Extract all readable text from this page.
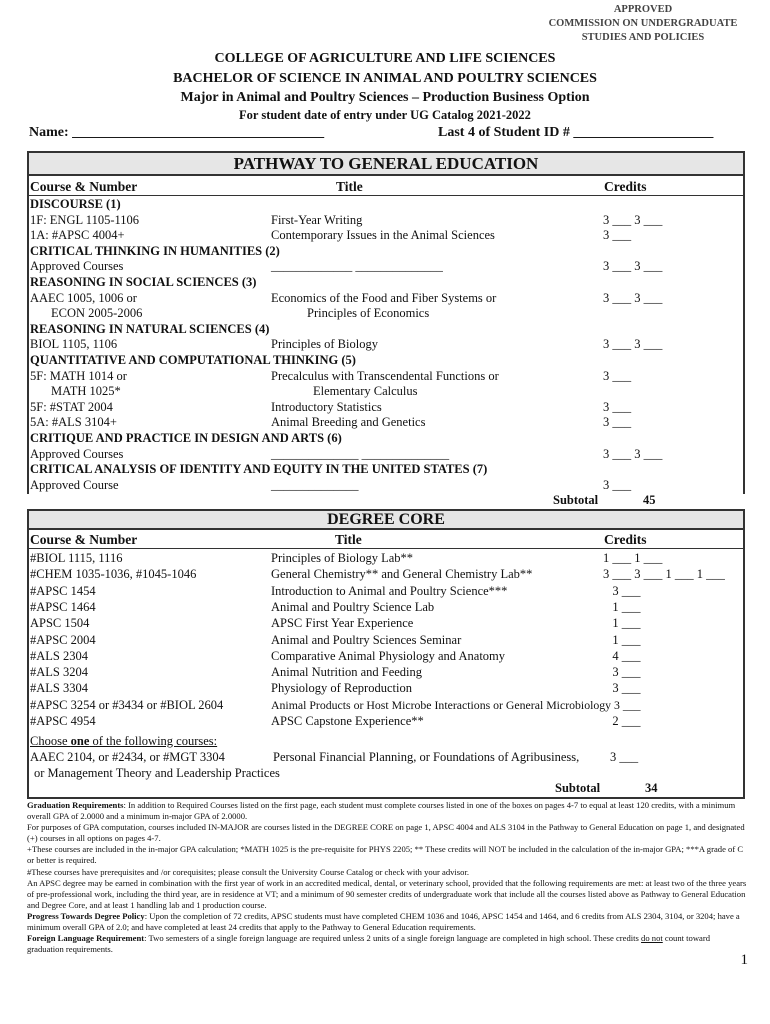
APPROVED
COMMISSION ON UNDERGRADUATE
STUDIES AND POLICIES
COLLEGE OF AGRICULTURE AND LIFE SCIENCES
BACHELOR OF SCIENCE IN ANIMAL AND POULTRY SCIENCES
Major in Animal and Poultry Sciences – Production Business Option
For student date of entry under UG Catalog 2021-2022
Name: ____________________________________	Last 4 of Student ID # ____________________
PATHWAY TO GENERAL EDUCATION
Course & Number	Title	Credits
DISCOURSE (1)
1F: ENGL 1105-1106	First-Year Writing	3 ___ 3 ___
1A: #APSC 4004+	Contemporary Issues in the Animal Sciences	3 ___
CRITICAL THINKING IN HUMANITIES (2)
Approved Courses	_____________ ______________	3 ___ 3 ___
REASONING IN SOCIAL SCIENCES (3)
AAEC 1005, 1006 or	Economics of the Food and Fiber Systems or	3 ___ 3 ___
ECON 2005-2006	Principles of Economics
REASONING IN NATURAL SCIENCES (4)
BIOL 1105, 1106	Principles of Biology	3 ___ 3 ___
QUANTITATIVE AND COMPUTATIONAL THINKING (5)
5F: MATH 1014 or	Precalculus with Transcendental Functions or	3 ___
MATH 1025*	Elementary Calculus
5F: #STAT 2004	Introductory Statistics	3 ___
5A: #ALS 3104+	Animal Breeding and Genetics	3 ___
CRITIQUE AND PRACTICE IN DESIGN AND ARTS (6)
Approved Courses	______________ ______________	3 ___ 3 ___
CRITICAL ANALYSIS OF IDENTITY AND EQUITY IN THE UNITED STATES (7)
Approved Course	______________	3 ___
Subtotal	45
DEGREE CORE
Course & Number	Title	Credits
#BIOL 1115, 1116	Principles of Biology Lab**	1 ___ 1 ___
#CHEM 1035-1036, #1045-1046	General Chemistry** and General Chemistry Lab**	3 ___ 3 ___ 1 ___ 1 ___
#APSC 1454	Introduction to Animal and Poultry Science***	3 ___
#APSC 1464	Animal and Poultry Science Lab	1 ___
APSC 1504	APSC First Year Experience	1 ___
#APSC 2004	Animal and Poultry Sciences Seminar	1 ___
#ALS 2304	Comparative Animal Physiology and Anatomy	4 ___
#ALS 3204	Animal Nutrition and Feeding	3 ___
#ALS 3304	Physiology of Reproduction	3 ___
#APSC 3254 or #3434 or #BIOL 2604	Animal Products or Host Microbe Interactions or General Microbiology 3 ___
#APSC 4954	APSC Capstone Experience**	2 ___
Choose one of the following courses:
AAEC 2104, or #2434, or #MGT 3304	Personal Financial Planning, or Foundations of Agribusiness, 3 ___
or Management Theory and Leadership Practices
Subtotal	34

Graduation Requirements: In addition to Required Courses listed on the first page, each student must complete courses listed in one of the boxes on pages 4-7 to equal at least 120 credits, with a minimum overall GPA of 2.0000 and a minimum in-major GPA of 2.0000.

For purposes of GPA computation, courses included IN-MAJOR are courses listed in the DEGREE CORE on page 1, APSC 4004 and ALS 3104 in the Pathway to General Education on page 1, and designated (+) courses in all options on pages 4-7.

+These courses are included in the in-major GPA calculation; *MATH 1025 is the pre-requisite for PHYS 2205; ** These credits will NOT be included in the calculation of the in-major GPA; ***A grade of C or better is required.

#These courses have prerequisites and /or corequisites; please consult the University Course Catalog or check with your advisor.

An APSC degree may be earned in combination with the first year of work in an accredited medical, dental, or veterinary school, provided that the following requirements are met: at least two of the three years of pre-professional work, including the third year, are in residence at VT; and a minimum of 90 semester credits of undergraduate work that include all the courses listed above as Pathway to General Education and Degree Core, and at least 1 handling lab and 1 production course.

Progress Towards Degree Policy: Upon the completion of 72 credits, APSC students must have completed CHEM 1036 and 1046, APSC 1454 and 1464, and 6 credits from ALS 2304, 3104, or 3204; have a minimum overall GPA of 2.0; and have completed at least 24 credits that apply to the Pathway to General Education requirements.

Foreign Language Requirement: Two semesters of a single foreign language are required unless 2 units of a single foreign language are completed in high school. These credits do not count toward graduation requirements.

1
